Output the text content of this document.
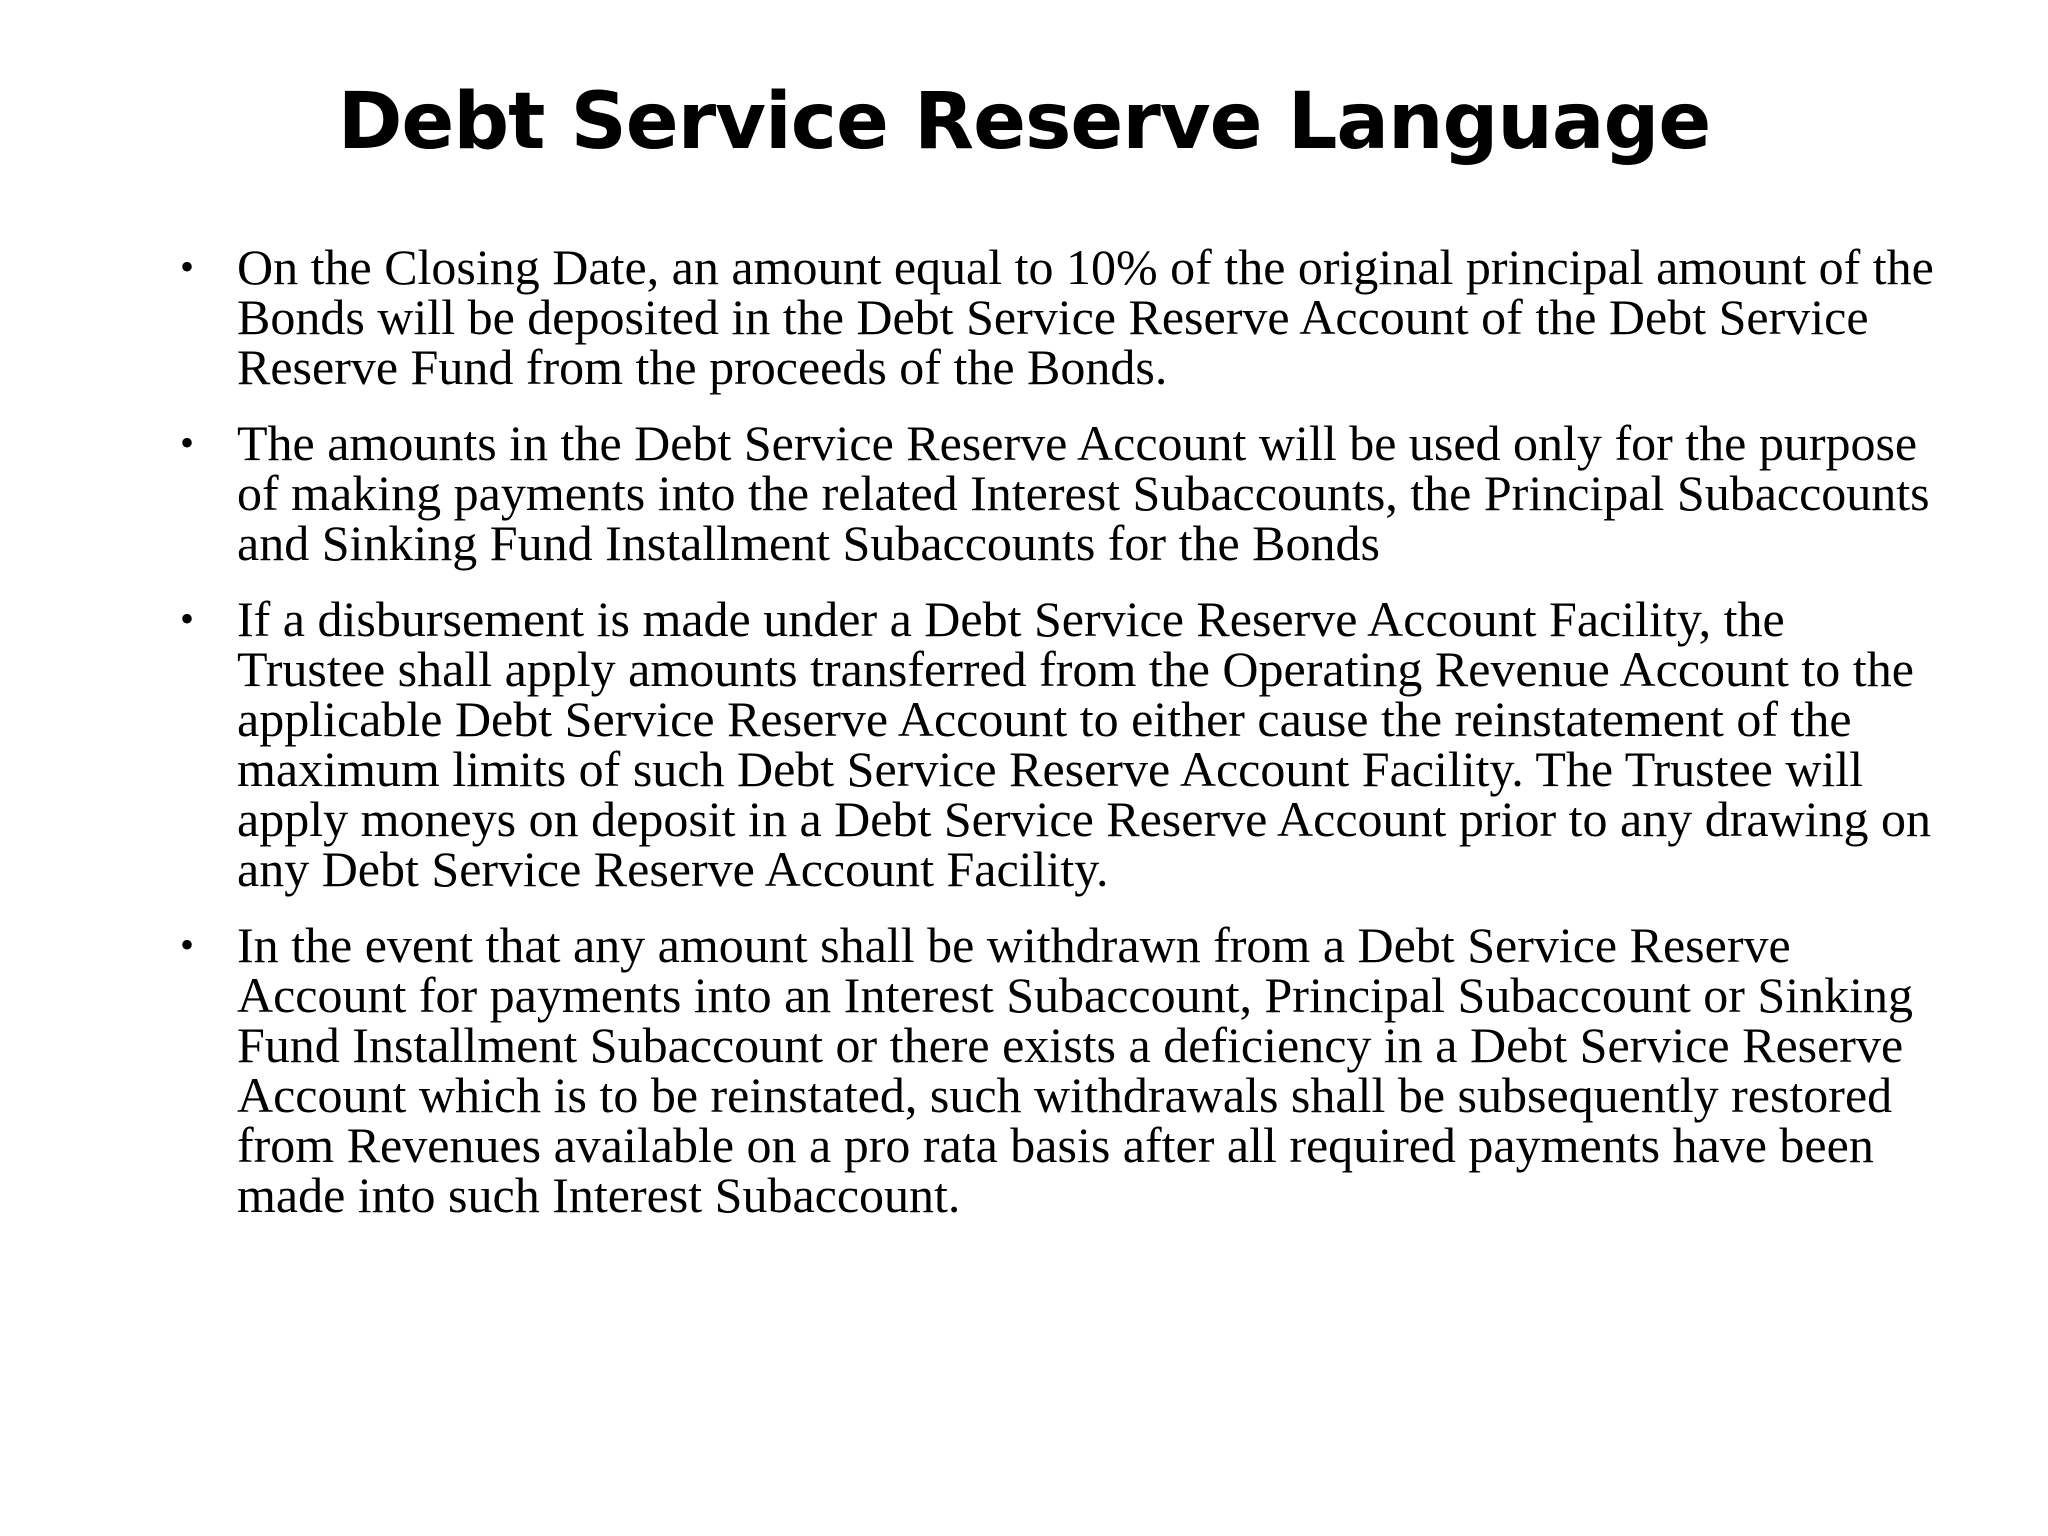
Debt Service Reserve Language
• On the Closing Date, an amount equal to 10% of the original principal amount of the Bonds will be deposited in the Debt Service Reserve Account of the Debt Service Reserve Fund from the proceeds of the Bonds.
• The amounts in the Debt Service Reserve Account will be used only for the purpose of making payments into the related Interest Subaccounts, the Principal Subaccounts and Sinking Fund Installment Subaccounts for the Bonds
• If a disbursement is made under a Debt Service Reserve Account Facility, the Trustee shall apply amounts transferred from the Operating Revenue Account to the applicable Debt Service Reserve Account to either cause the reinstatement of the maximum limits of such Debt Service Reserve Account Facility. The Trustee will apply moneys on deposit in a Debt Service Reserve Account prior to any drawing on any Debt Service Reserve Account Facility.
• In the event that any amount shall be withdrawn from a Debt Service Reserve Account for payments into an Interest Subaccount, Principal Subaccount or Sinking Fund Installment Subaccount or there exists a deficiency in a Debt Service Reserve Account which is to be reinstated, such withdrawals shall be subsequently restored from Revenues available on a pro rata basis after all required payments have been made into such Interest Subaccount.
